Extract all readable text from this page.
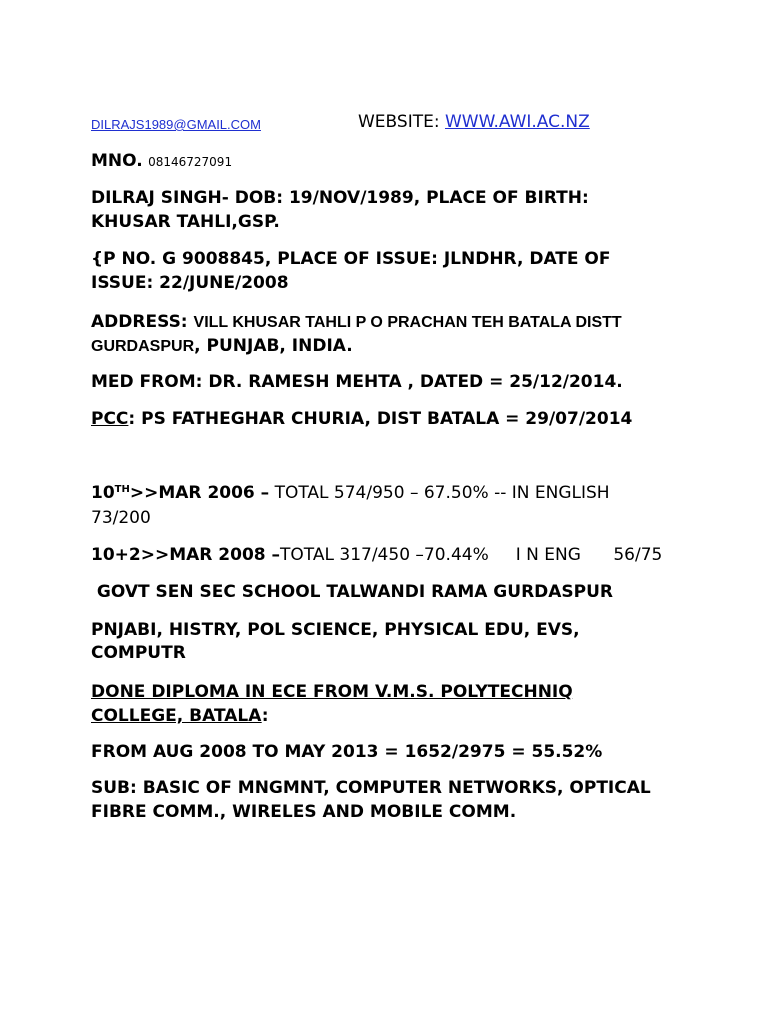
DILRAJS1989@GMAIL.COM	WEBSITE: WWW.AWI.AC.NZ
MNO. 08146727091
DILRAJ SINGH- DOB: 19/NOV/1989, PLACE OF BIRTH:
KHUSAR TAHLI,GSP.
{P NO. G 9008845, PLACE OF ISSUE: JLNDHR, DATE OF
ISSUE: 22/JUNE/2008
ADDRESS: VILL KHUSAR TAHLI P O PRACHAN TEH BATALA DISTT
GURDASPUR, PUNJAB, INDIA.
MED FROM: DR. RAMESH MEHTA , DATED = 25/12/2014.
PCC: PS FATHEGHAR CHURIA, DIST BATALA = 29/07/2014
10TH>>MAR 2006 – TOTAL 574/950 – 67.50% -- IN ENGLISH
73/200
10+2>>MAR 2008 –TOTAL 317/450 –70.44%     I N ENG      56/75
GOVT SEN SEC SCHOOL TALWANDI RAMA GURDASPUR
PNJABI, HISTRY, POL SCIENCE, PHYSICAL EDU, EVS,
COMPUTR
DONE DIPLOMA IN ECE FROM V.M.S. POLYTECHNIQ
COLLEGE, BATALA:
FROM AUG 2008 TO MAY 2013 = 1652/2975 = 55.52%
SUB: BASIC OF MNGMNT, COMPUTER NETWORKS, OPTICAL
FIBRE COMM., WIRELES AND MOBILE COMM.
